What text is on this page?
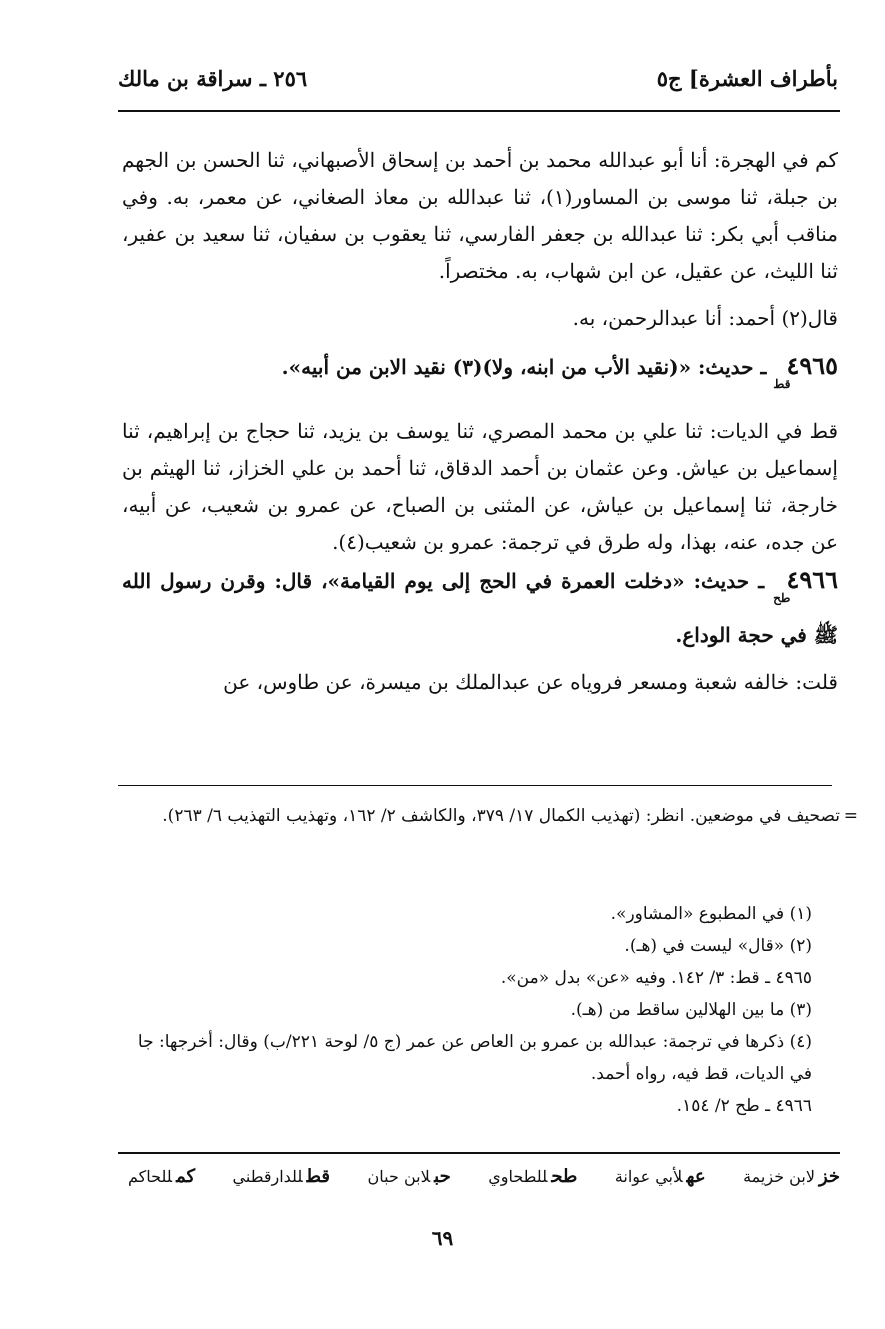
بأطراف العشرة] ج٥
٢٥٦ ـ سراقة بن مالك

كم في الهجرة: أنا أبو عبدالله محمد بن أحمد بن إسحاق الأصبهاني، ثنا الحسن بن الجهم بن جبلة، ثنا موسى بن المساور(١)، ثنا عبدالله بن معاذ الصغاني، عن معمر، به. وفي مناقب أبي بكر: ثنا عبدالله بن جعفر الفارسي، ثنا يعقوب بن سفيان، ثنا سعيد بن عفير، ثنا الليث، عن عقيل، عن ابن شهاب، به. مختصراً.

قال(٢) أحمد: أنا عبدالرحمن، به.

$٤٩٦٥_{قط}$ ـ حديث: «(نقيد الأب من ابنه، ولا)(٣) نقيد الابن من أبيه».

قط في الديات: ثنا علي بن محمد المصري، ثنا يوسف بن يزيد، ثنا حجاج بن إبراهيم، ثنا إسماعيل بن عياش. وعن عثمان بن أحمد الدقاق، ثنا أحمد بن علي الخزاز، ثنا الهيثم بن خارجة، ثنا إسماعيل بن عياش، عن المثنى بن الصباح، عن عمرو بن شعيب، عن أبيه، عن جده، عنه، بهذا، وله طرق في ترجمة: عمرو بن شعيب(٤).

$٤٩٦٦_{طح}$ ـ حديث: «دخلت العمرة في الحج إلى يوم القيامة»، قال: وقرن رسول الله ﷺ في حجة الوداع.

قلت: خالفه شعبة ومسعر فروياه عن عبدالملك بن ميسرة، عن طاوس، عن

=
تصحيف في موضعين. انظر: (تهذيب الكمال ١٧/ ٣٧٩، والكاشف ٢/ ١٦٢، وتهذيب التهذيب ٦/ ٢٦٣).

(١) في المطبوع «المشاور».

(٢) «قال» ليست في (هـ).

٤٩٦٥ ـ قط: ٣/ ١٤٢. وفيه «عن» بدل «من».

(٣) ما بين الهلالين ساقط من (هـ).

(٤) ذكرها في ترجمة: عبدالله بن عمرو بن العاص عن عمر (ج ٥/ لوحة ٢٢١/ب) وقال: أخرجها: جا في الديات، قط فيه، رواه أحمد.

٤٩٦٦ ـ طح ٢/ ١٥٤.

خزلابن خزيمة
عهلأبي عوانة
طحللطحاوي
حبلابن حبان
قطللدارقطني
كمللحاكم
٦٩
